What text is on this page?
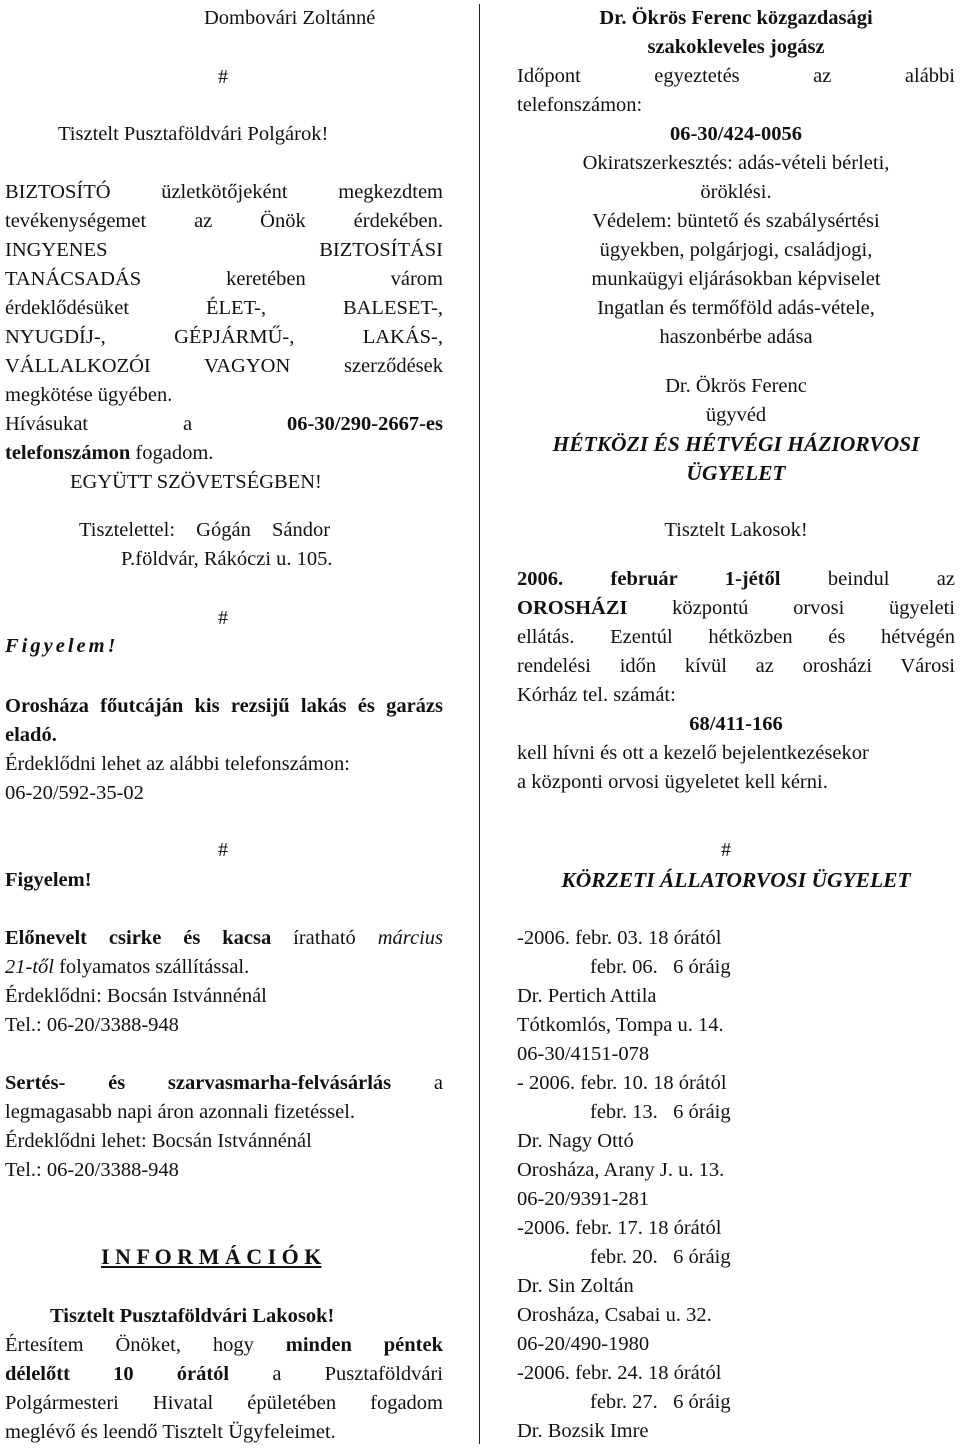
Dombovári Zoltánné
#
Tisztelt Pusztaföldvári Polgárok!
BIZTOSÍTÓ üzletkötőjeként megkezdtem
tevékenységemet az Önök érdekében.
INGYENES	BIZTOSÍTÁSI
TANÁCSADÁS keretében várom
érdeklődésüket ÉLET-, BALESET-,
NYUGDÍJ-, GÉPJÁRMŰ-, LAKÁS-,
VÁLLALKOZÓI VAGYON szerződések
megkötése ügyében.
Hívásukat a	06-30/290-2667-es
telefonszámon fogadom.
EGYÜTT SZÖVETSÉGBEN!
Tisztelettel: Gógán Sándor
P.földvár, Rákóczi u. 105.
#
Figyelem!
Orosháza főutcáján kis rezsijű lakás és garázs eladó.
Érdeklődni lehet az alábbi telefonszámon:
06-20/592-35-02
#
Figyelem!
Előnevelt csirke és kacsa íratható március
21-től folyamatos szállítással.
Érdeklődni: Bocsán Istvánnénál
Tel.: 06-20/3388-948
Sertés- és szarvasmarha-felvásárlás a
legmagasabb napi áron azonnali fizetéssel.
Érdeklődni lehet: Bocsán Istvánnénál
Tel.: 06-20/3388-948
I N F O R M Á C I Ó K
Tisztelt Pusztaföldvári Lakosok!
Értesítem Önöket, hogy minden péntek
délelőtt 10 órától a Pusztaföldvári
Polgármesteri Hivatal épületében fogadom
meglévő és leendő Tisztelt Ügyfeleimet.
Dr. Ökrös Ferenc közgazdasági
szakokleveles jogász
Időpont egyeztetés az alábbi
telefonszámon:
06-30/424-0056
Okiratszerkesztés: adás-vételi bérleti,
öröklési.
Védelem: büntető és szabálysértési
ügyekben, polgárjogi, családjogi,
munkaügyi eljárásokban képviselet
Ingatlan és termőföld adás-vétele,
haszonbérbe adása
Dr. Ökrös Ferenc
ügyvéd
HÉTKÖZI ÉS HÉTVÉGI HÁZIORVOSI ÜGYELET
Tisztelt Lakosok!
2006. február 1-jétől beindul az
OROSHÁZI központú orvosi ügyeleti
ellátás. Ezentúl hétközben és hétvégén
rendelési időn kívül az orosházi Városi
Kórház tel. számát:
68/411-166
kell hívni és ott a kezelő bejelentkezésekor
a központi orvosi ügyeletet kell kérni.
#
KÖRZETI ÁLLATORVOSI ÜGYELET
-2006. febr. 03. 18 órától
febr. 06.   6 óráig
Dr. Pertich Attila
Tótkomlós, Tompa u. 14.
06-30/4151-078
- 2006. febr. 10. 18 órától
febr. 13.   6 óráig
Dr. Nagy Ottó
Orosháza, Arany J. u. 13.
06-20/9391-281
-2006. febr. 17. 18 órától
febr. 20.   6 óráig
Dr. Sin Zoltán
Orosháza, Csabai u. 32.
06-20/490-1980
-2006. febr. 24. 18 órától
febr. 27.   6 óráig
Dr. Bozsik Imre
